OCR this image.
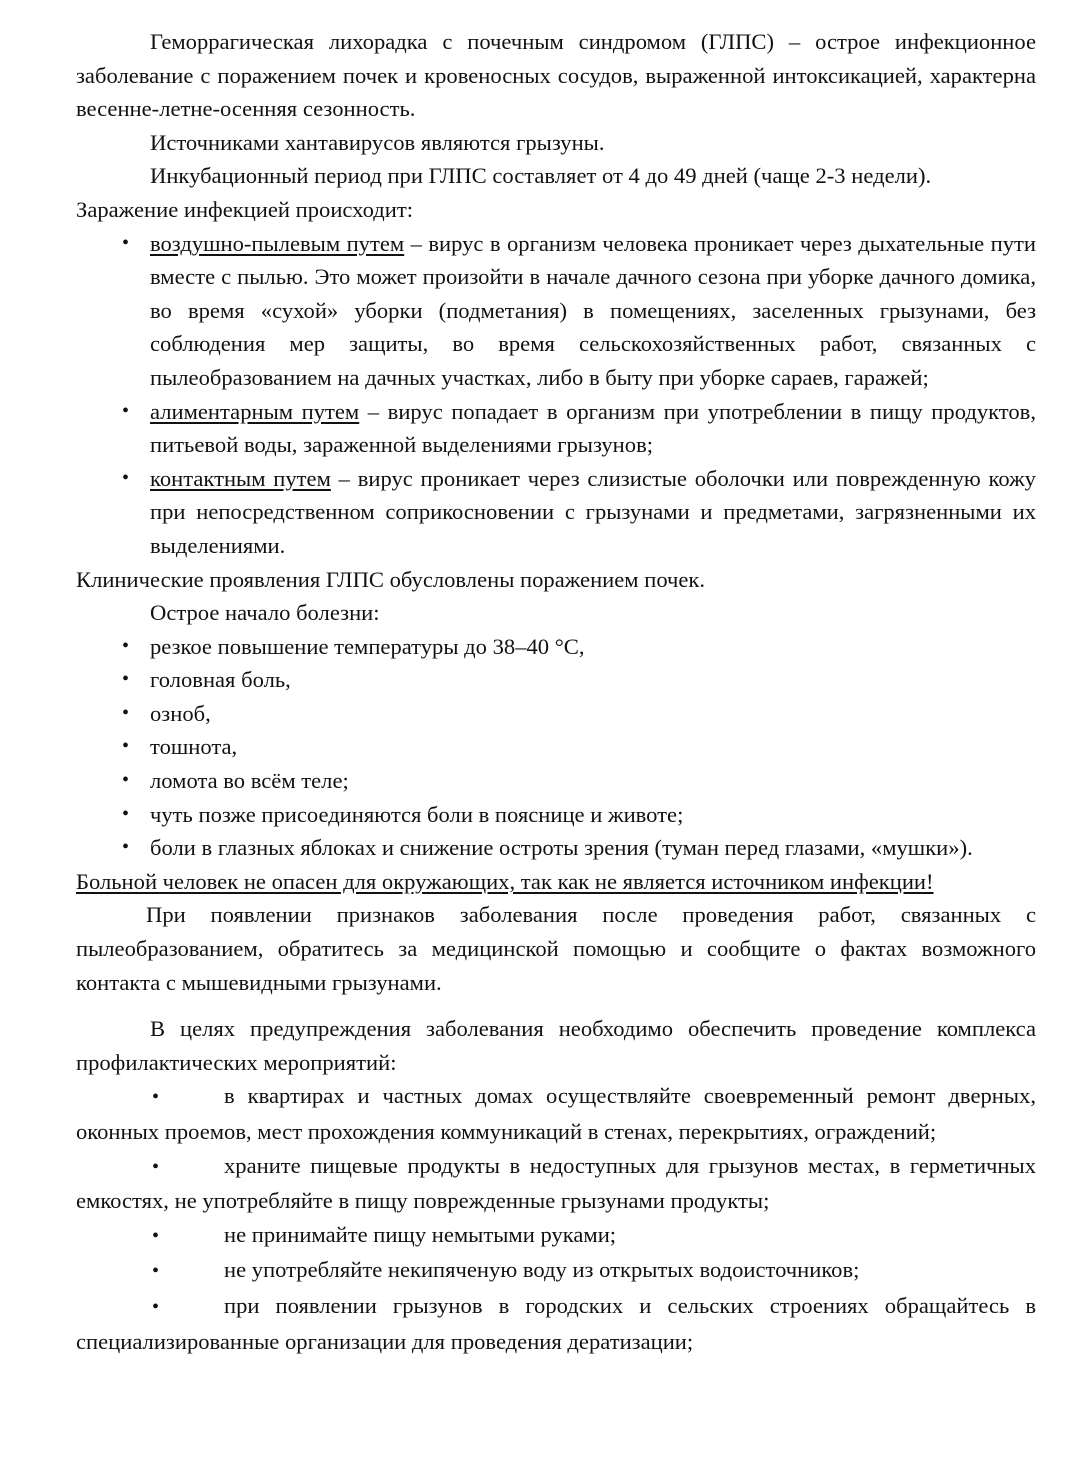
Геморрагическая лихорадка с почечным синдромом (ГЛПС) – острое инфекционное заболевание с поражением почек и кровеносных сосудов, выраженной интоксикацией, характерна весенне-летне-осенняя сезонность.

Источниками хантавирусов являются грызуны.

Инкубационный период при ГЛПС составляет от 4 до 49 дней (чаще 2-3 недели).

Заражение инфекцией происходит:

• воздушно-пылевым путем – вирус в организм человека проникает через дыхательные пути вместе с пылью. Это может произойти в начале дачного сезона при уборке дачного домика, во время «сухой» уборки (подметания) в помещениях, заселенных грызунами, без соблюдения мер защиты, во время сельскохозяйственных работ, связанных с пылеобразованием на дачных участках, либо в быту при уборке сараев, гаражей;
• алиментарным путем – вирус попадает в организм при употреблении в пищу продуктов, питьевой воды, зараженной выделениями грызунов;
• контактным путем – вирус проникает через слизистые оболочки или поврежденную кожу при непосредственном соприкосновении с грызунами и предметами, загрязненными их выделениями.

Клинические проявления ГЛПС обусловлены поражением почек.

Острое начало болезни:

• резкое повышение температуры до 38–40 °С,
• головная боль,
• озноб,
• тошнота,
• ломота во всём теле;
• чуть позже присоединяются боли в пояснице и животе;
• боли в глазных яблоках и снижение остроты зрения (туман перед глазами, «мушки»).

Больной человек не опасен для окружающих, так как не является источником инфекции!

При появлении признаков заболевания после проведения работ, связанных с пылеобразованием, обратитесь за медицинской помощью и сообщите о фактах возможного контакта с мышевидными грызунами.

В целях предупреждения заболевания необходимо обеспечить проведение комплекса профилактических мероприятий:

•	в квартирах и частных домах осуществляйте своевременный ремонт дверных, оконных проемов, мест прохождения коммуникаций в стенах, перекрытиях, ограждений;

•	храните пищевые продукты в недоступных для грызунов местах, в герметичных емкостях, не употребляйте в пищу поврежденные грызунами продукты;

•	не принимайте пищу немытыми руками;

•	не употребляйте некипяченую воду из открытых водоисточников;

•	при появлении грызунов в городских и сельских строениях обращайтесь в специализированные организации для проведения дератизации;
